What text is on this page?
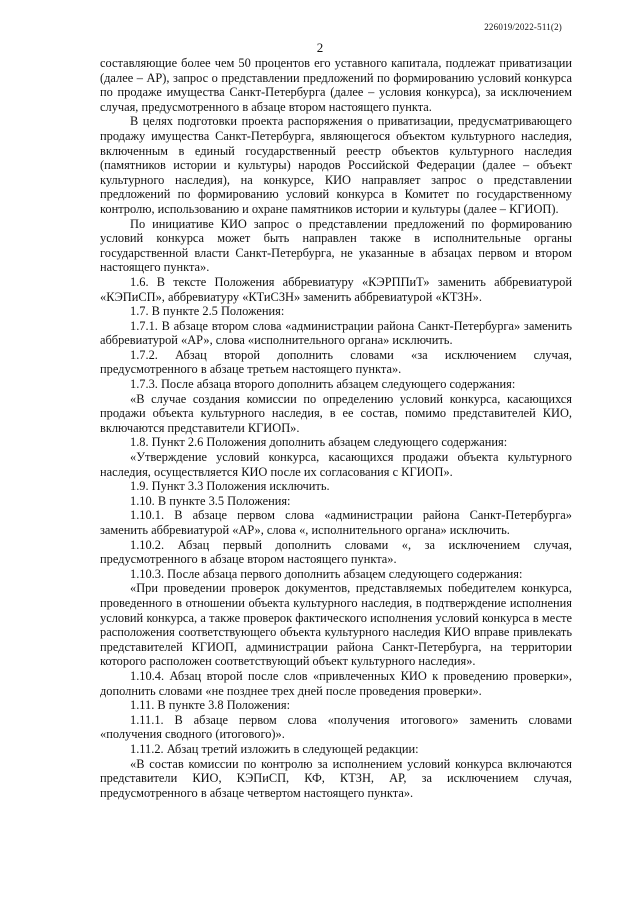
226019/2022-511(2)
2

составляющие более чем 50 процентов его уставного капитала, подлежат приватизации (далее – АР), запрос о представлении предложений по формированию условий конкурса по продаже имущества Санкт-Петербурга (далее – условия конкурса), за исключением случая, предусмотренного в абзаце втором настоящего пункта.

В целях подготовки проекта распоряжения о приватизации, предусматривающего продажу имущества Санкт-Петербурга, являющегося объектом культурного наследия, включенным в единый государственный реестр объектов культурного наследия (памятников истории и культуры) народов Российской Федерации (далее – объект культурного наследия), на конкурсе, КИО направляет запрос о представлении предложений по формированию условий конкурса в Комитет по государственному контролю, использованию и охране памятников истории и культуры (далее – КГИОП).

По инициативе КИО запрос о представлении предложений по формированию условий конкурса может быть направлен также в исполнительные органы государственной власти Санкт-Петербурга, не указанные в абзацах первом и втором настоящего пункта».

1.6. В тексте Положения аббревиатуру «КЭРППиТ» заменить аббревиатурой «КЭПиСП», аббревиатуру «КТиСЗН» заменить аббревиатурой «КТЗН».

1.7. В пункте 2.5 Положения:

1.7.1. В абзаце втором слова «администрации района Санкт-Петербурга» заменить аббревиатурой «АР», слова «исполнительного органа» исключить.

1.7.2. Абзац второй дополнить словами «за исключением случая, предусмотренного в абзаце третьем настоящего пункта».

1.7.3. После абзаца второго дополнить абзацем следующего содержания:

«В случае создания комиссии по определению условий конкурса, касающихся продажи объекта культурного наследия, в ее состав, помимо представителей КИО, включаются представители КГИОП».

1.8. Пункт 2.6 Положения дополнить абзацем следующего содержания:

«Утверждение условий конкурса, касающихся продажи объекта культурного наследия, осуществляется КИО после их согласования с КГИОП».

1.9. Пункт 3.3 Положения исключить.

1.10. В пункте 3.5 Положения:

1.10.1. В абзаце первом слова «администрации района Санкт-Петербурга» заменить аббревиатурой «АР», слова «, исполнительного органа» исключить.

1.10.2. Абзац первый дополнить словами «, за исключением случая, предусмотренного в абзаце втором настоящего пункта».

1.10.3. После абзаца первого дополнить абзацем следующего содержания:

«При проведении проверок документов, представляемых победителем конкурса, проведенного в отношении объекта культурного наследия, в подтверждение исполнения условий конкурса, а также проверок фактического исполнения условий конкурса в месте расположения соответствующего объекта культурного наследия КИО вправе привлекать представителей КГИОП, администрации района Санкт-Петербурга, на территории которого расположен соответствующий объект культурного наследия».

1.10.4. Абзац второй после слов «привлеченных КИО к проведению проверки», дополнить словами «не позднее трех дней после проведения проверки».

1.11. В пункте 3.8 Положения:

1.11.1. В абзаце первом слова «получения итогового» заменить словами «получения сводного (итогового)».

1.11.2. Абзац третий изложить в следующей редакции:

«В состав комиссии по контролю за исполнением условий конкурса включаются представители КИО, КЭПиСП, КФ, КТЗН, АР, за исключением случая, предусмотренного в абзаце четвертом настоящего пункта».
